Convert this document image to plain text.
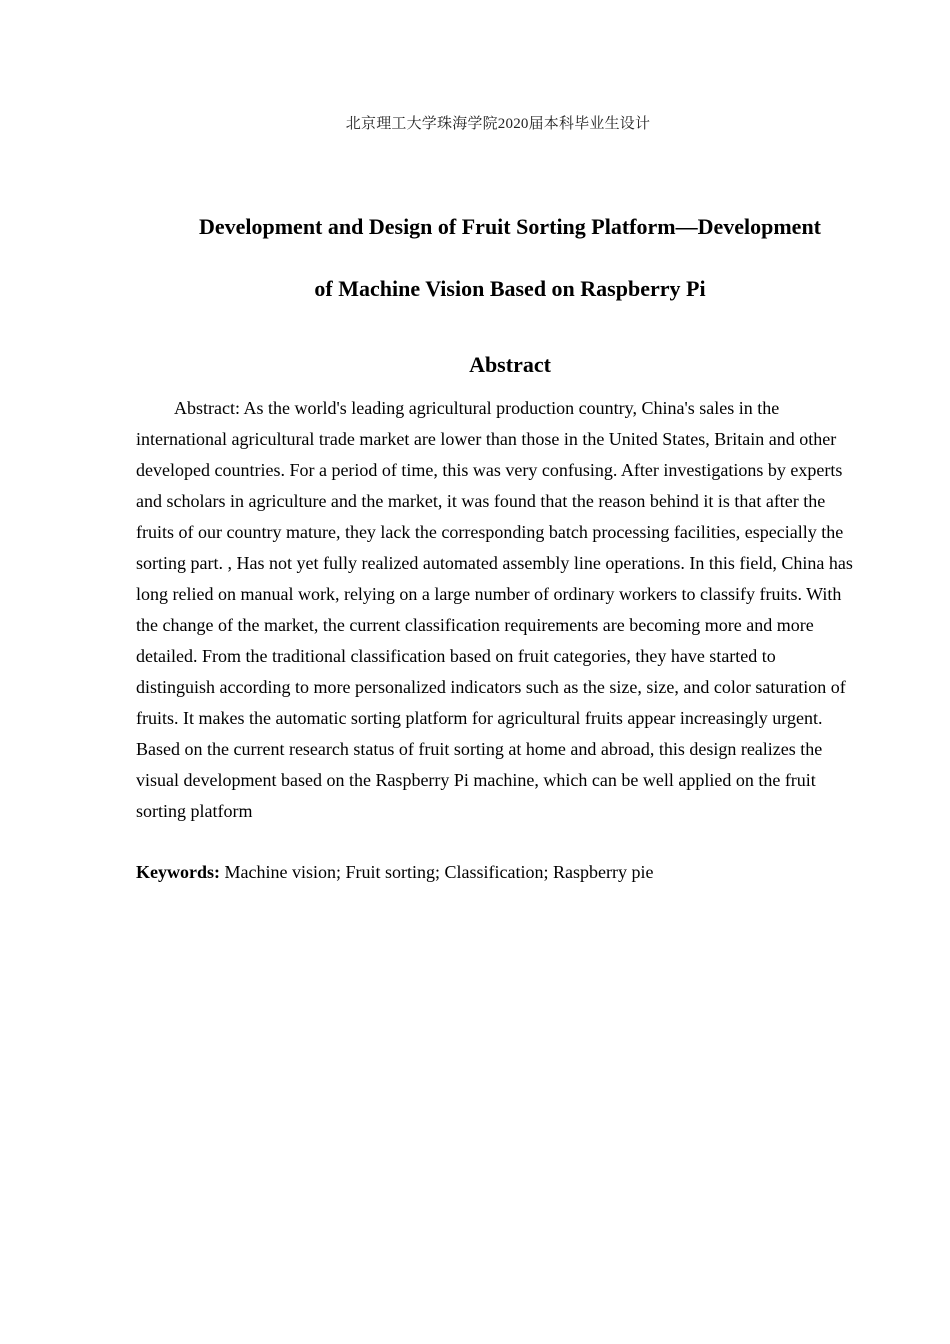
北京理工大学珠海学院2020届本科毕业生设计
Development and Design of Fruit Sorting Platform—Development
of Machine Vision Based on Raspberry Pi
Abstract

Abstract: As the world's leading agricultural production country, China's sales in the international agricultural trade market are lower than those in the United States, Britain and other developed countries. For a period of time, this was very confusing. After investigations by experts and scholars in agriculture and the market, it was found that the reason behind it is that after the fruits of our country mature, they lack the corresponding batch processing facilities, especially the sorting part. , Has not yet fully realized automated assembly line operations. In this field, China has long relied on manual work, relying on a large number of ordinary workers to classify fruits. With the change of the market, the current classification requirements are becoming more and more detailed. From the traditional classification based on fruit categories, they have started to distinguish according to more personalized indicators such as the size, size, and color saturation of fruits. It makes the automatic sorting platform for agricultural fruits appear increasingly urgent. Based on the current research status of fruit sorting at home and abroad, this design realizes the visual development based on the Raspberry Pi machine, which can be well applied on the fruit sorting platform

Keywords: Machine vision; Fruit sorting; Classification; Raspberry pie
